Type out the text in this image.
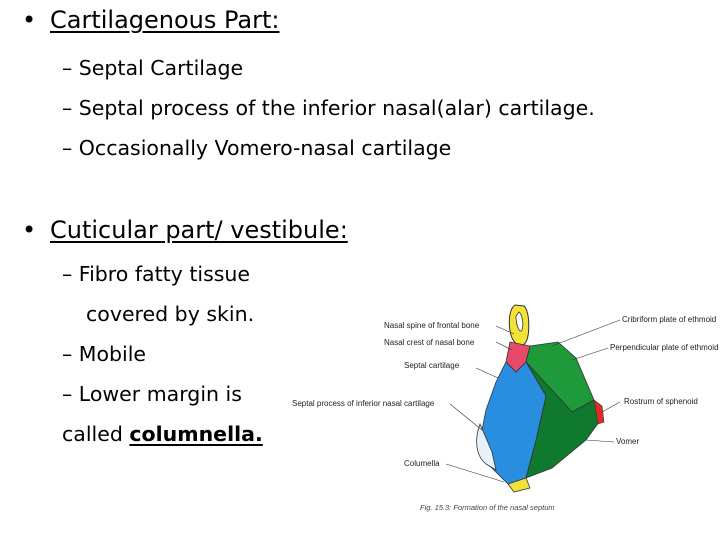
• Cartilagenous Part:
– Septal Cartilage
– Septal process of the inferior nasal(alar) cartilage.
– Occasionally Vomero-nasal cartilage
• Cuticular part/ vestibule:
– Fibro fatty tissue
covered by skin.
– Mobile
– Lower margin is
called columnella.
Nasal spine of frontal bone
Nasal crest of nasal bone
Septal cartilage
Septal process of inferior nasal cartilage
Columella
Cribriform plate of ethmoid
Perpendicular plate of ethmoid
Rostrum of sphenoid
Vomer
Fig. 15.3: Formation of the nasal septum
